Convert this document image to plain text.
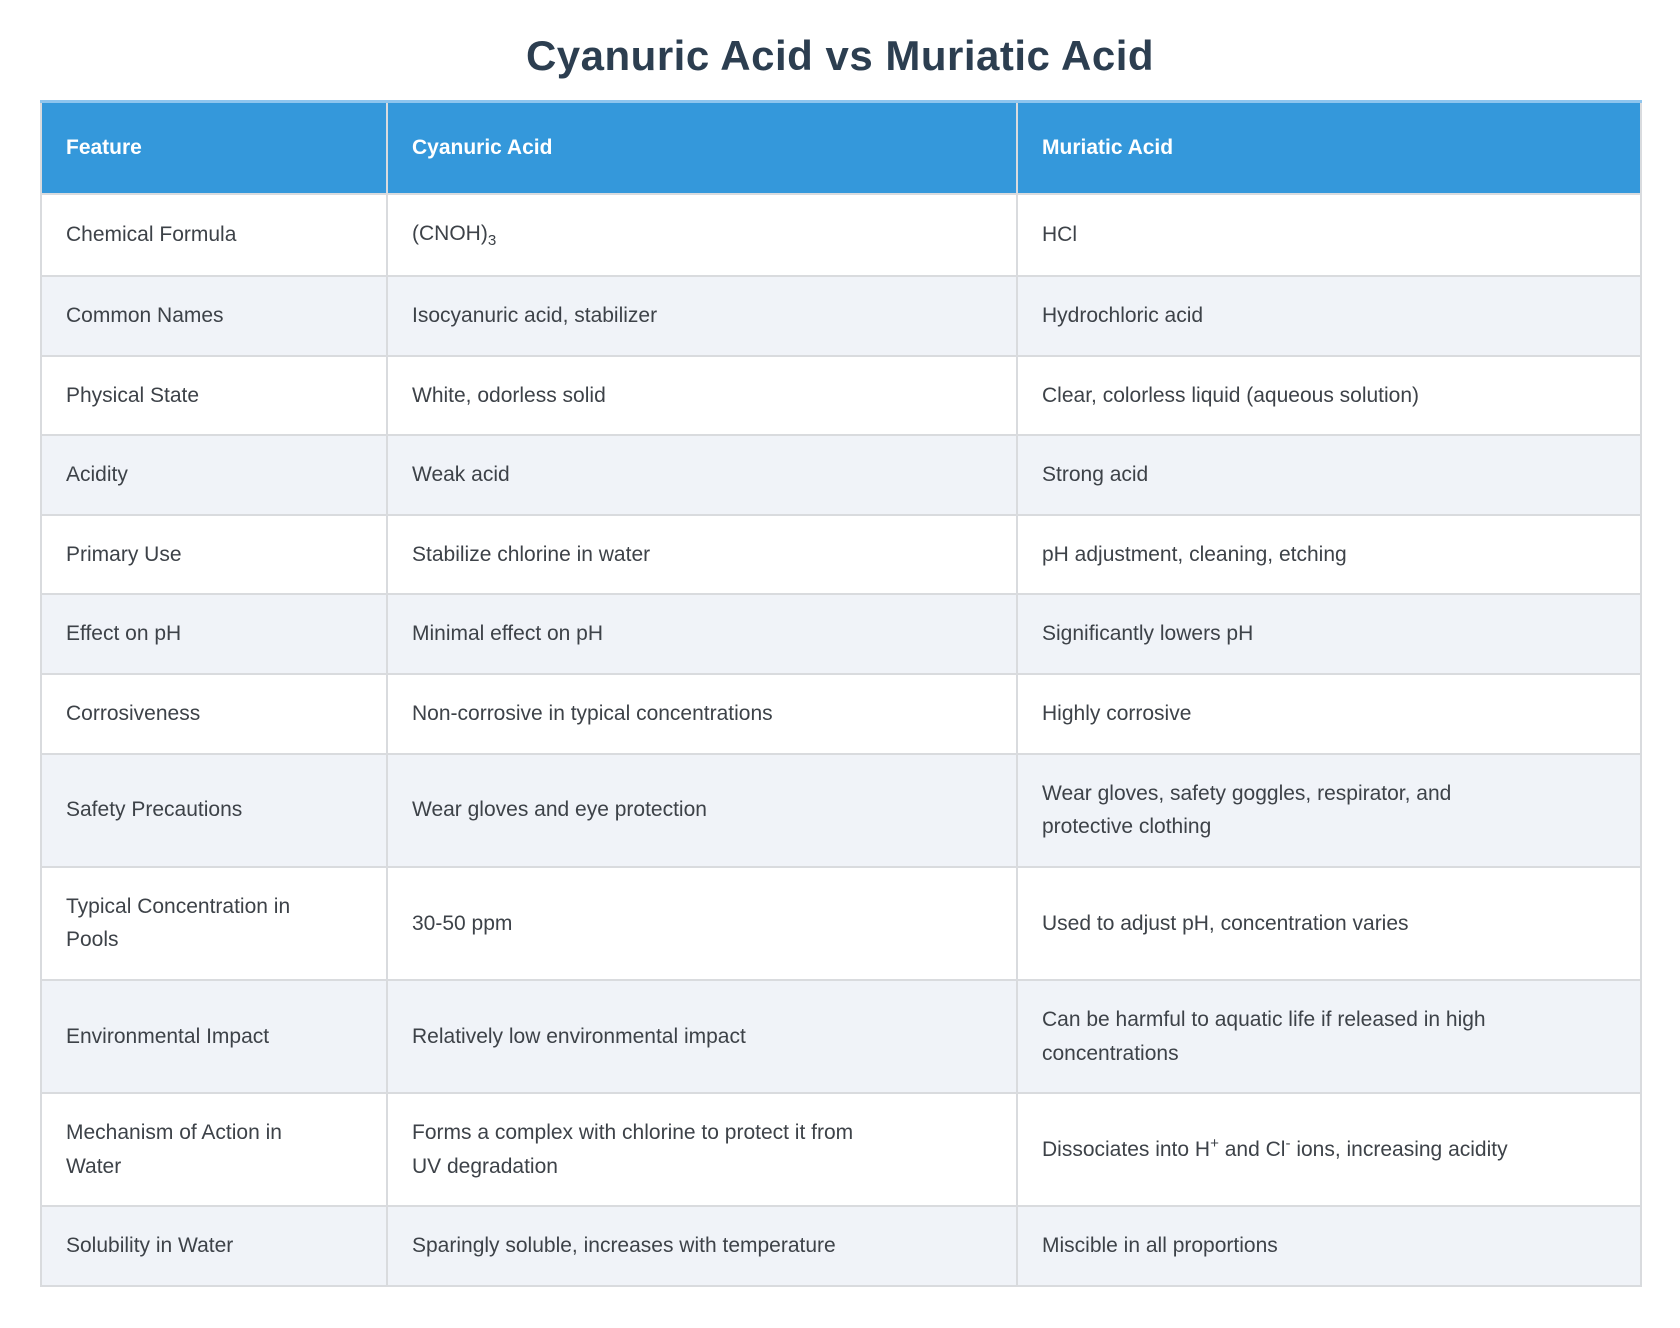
Cyanuric Acid vs Muriatic Acid
Feature	Cyanuric Acid	Muriatic Acid
Chemical Formula	$(CNOH)_3$	HCl
Common Names	Isocyanuric acid, stabilizer	Hydrochloric acid
Physical State	White, odorless solid	Clear, colorless liquid (aqueous solution)
Acidity	Weak acid	Strong acid
Primary Use	Stabilize chlorine in water	pH adjustment, cleaning, etching
Effect on pH	Minimal effect on pH	Significantly lowers pH
Corrosiveness	Non-corrosive in typical concentrations	Highly corrosive
Safety Precautions	Wear gloves and eye protection	Wear gloves, safety goggles, respirator, and protective clothing
Typical Concentration in Pools	30-50 ppm	Used to adjust pH, concentration varies
Environmental Impact	Relatively low environmental impact	Can be harmful to aquatic life if released in high concentrations
Mechanism of Action in Water	Forms a complex with chlorine to protect it from UV degradation	Dissociates into H+ and Cl- ions, increasing acidity
Solubility in Water	Sparingly soluble, increases with temperature	Miscible in all proportions
